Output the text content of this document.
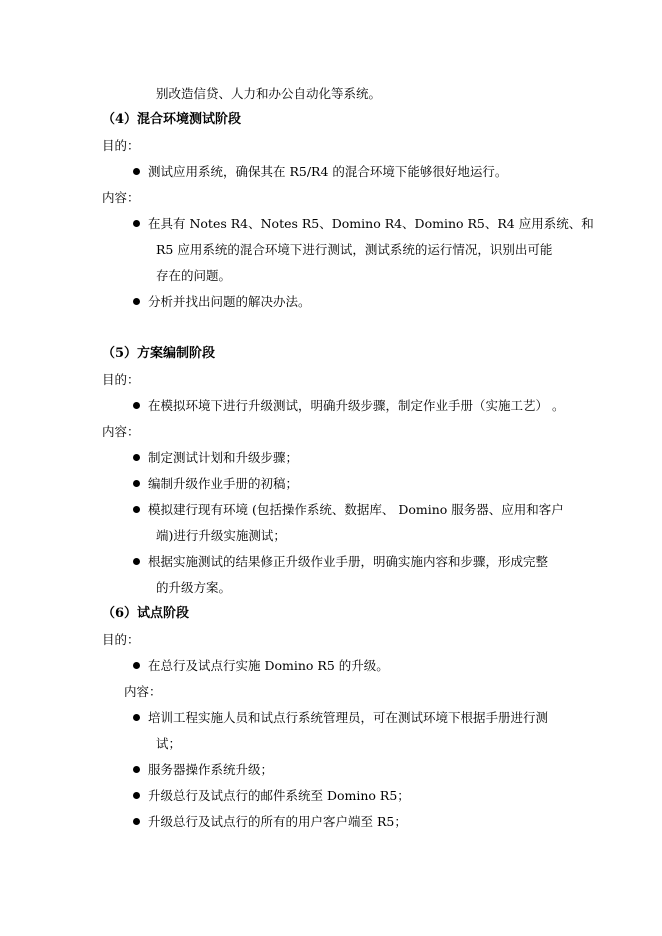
别改造信贷、人力和办公自动化等系统。
（4）混合环境测试阶段
目的：
测试应用系统，确保其在 R5/R4 的混合环境下能够很好地运行。
内容：
在具有 Notes R4、Notes R5、Domino R4、Domino R5、R4 应用系统、和
R5 应用系统的混合环境下进行测试，测试系统的运行情况，识别出可能
存在的问题。
分析并找出问题的解决办法。
（5）方案编制阶段
目的：
在模拟环境下进行升级测试，明确升级步骤，制定作业手册（实施工艺） 。
内容：
制定测试计划和升级步骤；
编制升级作业手册的初稿；
模拟建行现有环境 (包括操作系统、数据库、 Domino 服务器、应用和客户
端)进行升级实施测试；
根据实施测试的结果修正升级作业手册，明确实施内容和步骤，形成完整
的升级方案。
（6）试点阶段
目的：
在总行及试点行实施 Domino R5 的升级。
内容：
培训工程实施人员和试点行系统管理员，可在测试环境下根据手册进行测
试；
服务器操作系统升级；
升级总行及试点行的邮件系统至 Domino R5；
升级总行及试点行的所有的用户客户端至 R5；
